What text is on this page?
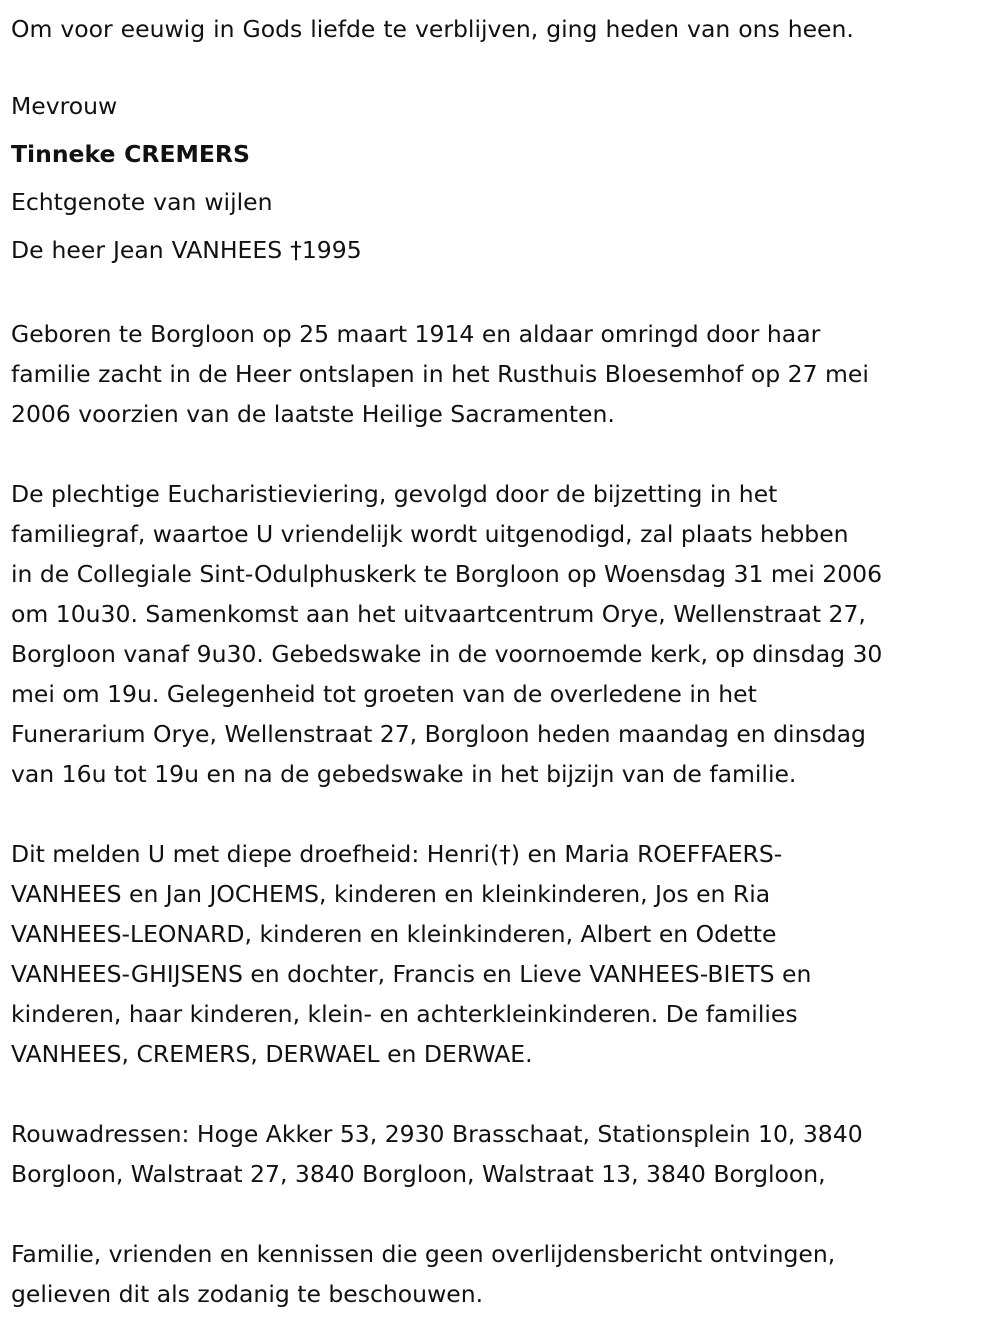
Om voor eeuwig in Gods liefde te verblijven, ging heden van ons heen.

Mevrouw

Tinneke CREMERS

Echtgenote van wijlen

De heer Jean VANHEES †1995

Geboren te Borgloon op 25 maart 1914 en aldaar omringd door haar

familie zacht in de Heer ontslapen in het Rusthuis Bloesemhof op 27 mei

2006 voorzien van de laatste Heilige Sacramenten.

De plechtige Eucharistieviering, gevolgd door de bijzetting in het

familiegraf, waartoe U vriendelijk wordt uitgenodigd, zal plaats hebben

in de Collegiale Sint-Odulphuskerk te Borgloon op Woensdag 31 mei 2006

om 10u30. Samenkomst aan het uitvaartcentrum Orye, Wellenstraat 27,

Borgloon vanaf 9u30. Gebedswake in de voornoemde kerk, op dinsdag 30

mei om 19u. Gelegenheid tot groeten van de overledene in het

Funerarium Orye, Wellenstraat 27, Borgloon heden maandag en dinsdag

van 16u tot 19u en na de gebedswake in het bijzijn van de familie.

Dit melden U met diepe droefheid: Henri(†) en Maria ROEFFAERS-

VANHEES en Jan JOCHEMS, kinderen en kleinkinderen, Jos en Ria

VANHEES-LEONARD, kinderen en kleinkinderen, Albert en Odette

VANHEES-GHIJSENS en dochter, Francis en Lieve VANHEES-BIETS en

kinderen, haar kinderen, klein- en achterkleinkinderen. De families

VANHEES, CREMERS, DERWAEL en DERWAE.

Rouwadressen: Hoge Akker 53, 2930 Brasschaat, Stationsplein 10, 3840

Borgloon, Walstraat 27, 3840 Borgloon, Walstraat 13, 3840 Borgloon,

Familie, vrienden en kennissen die geen overlijdensbericht ontvingen,

gelieven dit als zodanig te beschouwen.
